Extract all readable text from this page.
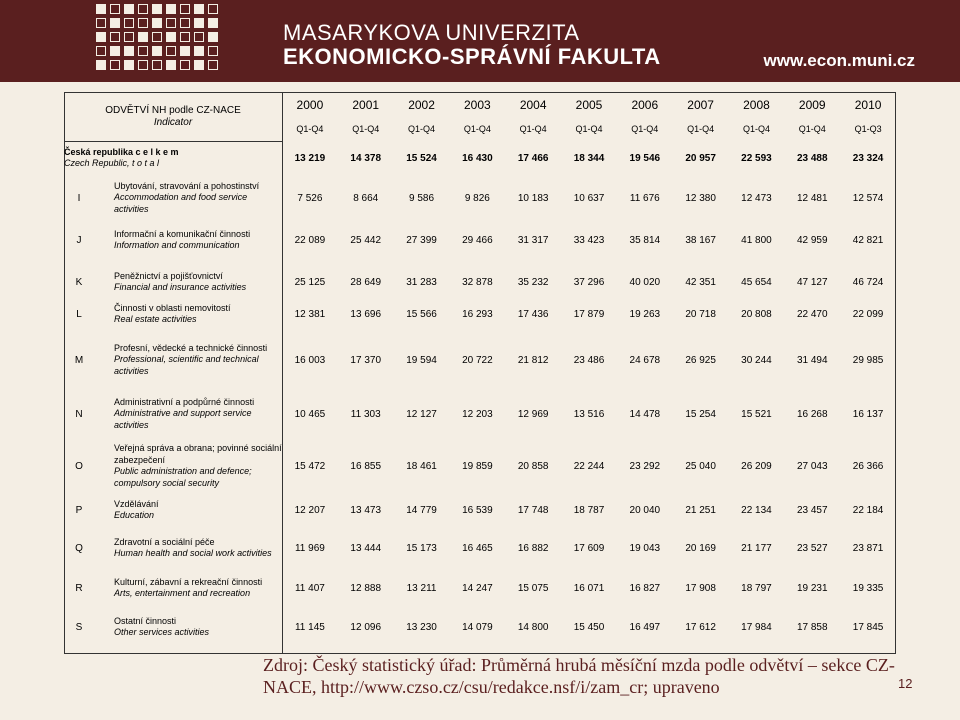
MASARYKOVA UNIVERZITA
EKONOMICKO-SPRÁVNÍ FAKULTA	www.econ.muni.cz
ODVĚTVÍ NH podle CZ-NACE
Indicator
2000	2001	2002	2003	2004	2005	2006	2007	2008	2009	2010
Q1-Q4	Q1-Q4	Q1-Q4	Q1-Q4	Q1-Q4	Q1-Q4	Q1-Q4	Q1-Q4	Q1-Q4	Q1-Q4	Q1-Q3
Česká republika c e l k e m
Czech Republic, t o t a l	13 219	14 378	15 524	16 430	17 466	18 344	19 546	20 957	22 593	23 488	23 324
I
Ubytování, stravování a pohostinství
Accommodation and food service activities
7 526	8 664	9 586	9 826	10 183	10 637	11 676	12 380	12 473	12 481	12 574
J
Informační a komunikační činnosti
Information and communication	22 089	25 442	27 399	29 466	31 317	33 423	35 814	38 167	41 800	42 959	42 821
K
Peněžnictví a pojišťovnictví
Financial and insurance activities	25 125	28 649	31 283	32 878	35 232	37 296	40 020	42 351	45 654	47 127	46 724
L
Činnosti v oblasti nemovitostí
Real estate activities	12 381	13 696	15 566	16 293	17 436	17 879	19 263	20 718	20 808	22 470	22 099
M
Profesní, vědecké a technické činnosti
Professional, scientific and technical activities
16 003	17 370	19 594	20 722	21 812	23 486	24 678	26 925	30 244	31 494	29 985
N
Administrativní a podpůrné činnosti
Administrative and support service activities
10 465	11 303	12 127	12 203	12 969	13 516	14 478	15 254	15 521	16 268	16 137
O
Veřejná správa a obrana; povinné sociální zabezpečení
Public administration and defence; compulsory social security
15 472	16 855	18 461	19 859	20 858	22 244	23 292	25 040	26 209	27 043	26 366
P
Vzdělávání
Education	12 207	13 473	14 779	16 539	17 748	18 787	20 040	21 251	22 134	23 457	22 184
Q
Zdravotní a sociální péče
Human health and social work activities	11 969	13 444	15 173	16 465	16 882	17 609	19 043	20 169	21 177	23 527	23 871
R
Kulturní, zábavní a rekreační činnosti
Arts, entertainment and recreation	11 407	12 888	13 211	14 247	15 075	16 071	16 827	17 908	18 797	19 231	19 335
S
Ostatní činnosti
Other services activities	11 145	12 096	13 230	14 079	14 800	15 450	16 497	17 612	17 984	17 858	17 845
Zdroj: Český statistický úřad: Průměrná hrubá měsíční mzda podle odvětví – sekce CZ-NACE, http://www.czso.cz/csu/redakce.nsf/i/zam_cr; upraveno	12
